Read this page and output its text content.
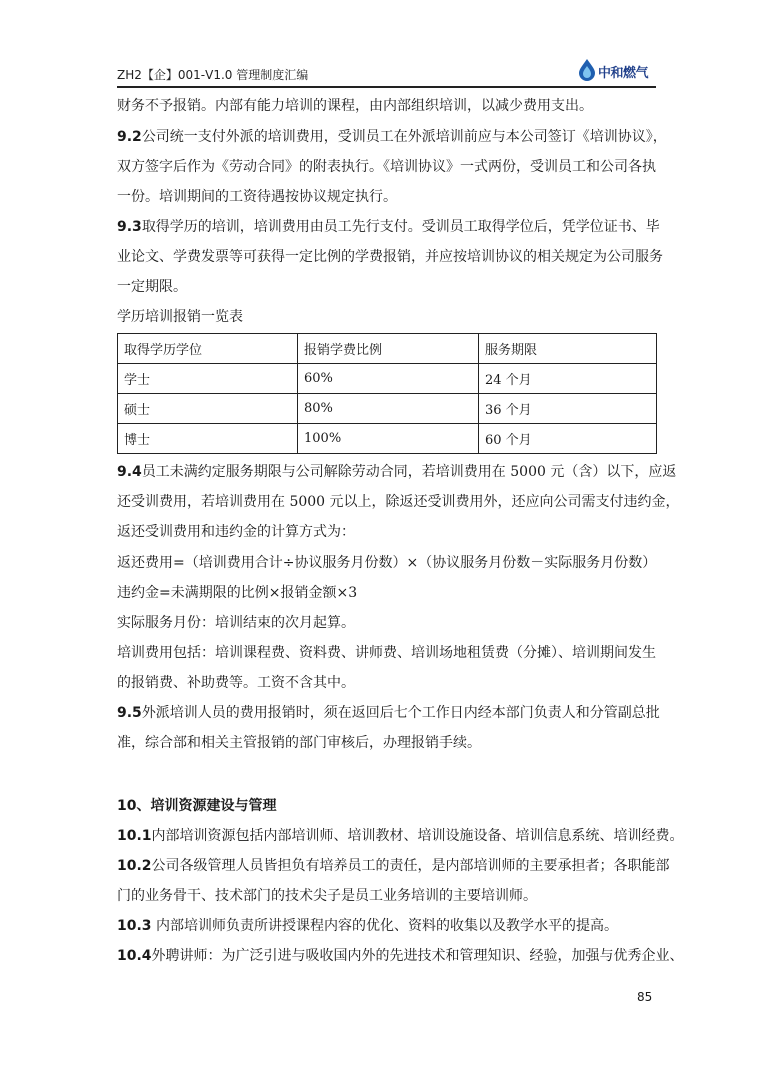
ZH2【企】001-V1.0 管理制度汇编	中和燃气
财务不予报销。内部有能力培训的课程，由内部组织培训，以减少费用支出。
9.2公司统一支付外派的培训费用，受训员工在外派培训前应与本公司签订《培训协议》，
双方签字后作为《劳动合同》的附表执行。《培训协议》一式两份，受训员工和公司各执
一份。培训期间的工资待遇按协议规定执行。
9.3取得学历的培训，培训费用由员工先行支付。受训员工取得学位后，凭学位证书、毕
业论文、学费发票等可获得一定比例的学费报销，并应按培训协议的相关规定为公司服务
一定期限。
学历培训报销一览表
取得学历学位	报销学费比例	服务期限
学士	60%	24 个月
硕士	80%	36 个月
博士	100%	60 个月
9.4员工未满约定服务期限与公司解除劳动合同，若培训费用在 5000 元（含）以下，应返
还受训费用，若培训费用在 5000 元以上，除返还受训费用外，还应向公司需支付违约金，
返还受训费用和违约金的计算方式为：
返还费用=（培训费用合计÷协议服务月份数）×（协议服务月份数－实际服务月份数）
违约金=未满期限的比例×报销金额×3
实际服务月份：培训结束的次月起算。
培训费用包括：培训课程费、资料费、讲师费、培训场地租赁费（分摊）、培训期间发生
的报销费、补助费等。工资不含其中。
9.5外派培训人员的费用报销时，须在返回后七个工作日内经本部门负责人和分管副总批
准，综合部和相关主管报销的部门审核后，办理报销手续。
10、培训资源建设与管理
10.1内部培训资源包括内部培训师、培训教材、培训设施设备、培训信息系统、培训经费。
10.2公司各级管理人员皆担负有培养员工的责任，是内部培训师的主要承担者；各职能部
门的业务骨干、技术部门的技术尖子是员工业务培训的主要培训师。
10.3 内部培训师负责所讲授课程内容的优化、资料的收集以及教学水平的提高。
10.4外聘讲师：为广泛引进与吸收国内外的先进技术和管理知识、经验，加强与优秀企业、
85
